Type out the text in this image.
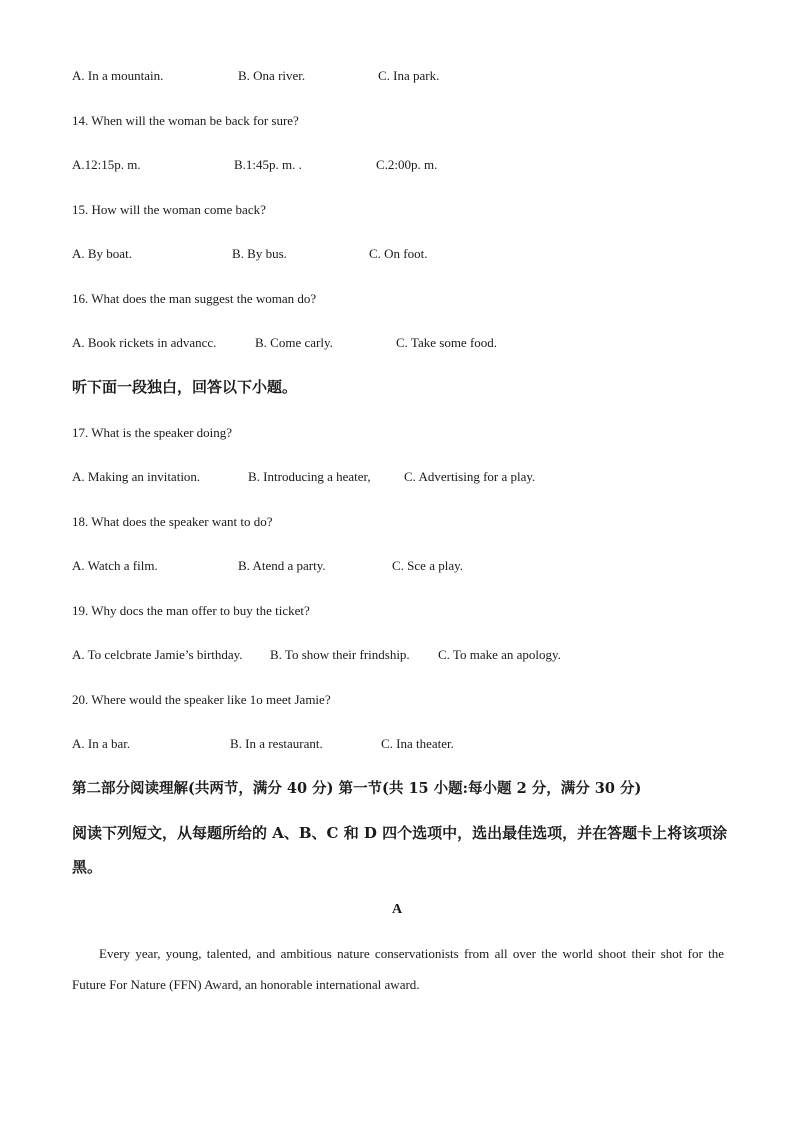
A. In a mountain.	B. Ona river.	C. Ina park.
14. When will the woman be back for sure?
A.12:15p. m.	B.1:45p. m. .	C.2:00p. m.
15. How will the woman come back?
A. By boat.	B. By bus.	C. On foot.
16. What does the man suggest the woman do?
A. Book rickets in advancc.	B. Come carly.	C. Take some food.
听下面一段独白，回答以下小题。
17. What is the speaker doing?
A. Making an invitation.	B. Introducing a heater,	C. Advertising for a play.
18. What does the speaker want to do?
A. Watch a film.	B. Atend a party.	C. Sce a play.
19. Why docs the man offer to buy the ticket?
A. To celcbrate Jamie’s birthday. B. To show their frindship. C. To make an apology.
20. Where would the speaker like 1o meet Jamie?
A. In a bar.	B. In a restaurant.	C. Ina theater.
第二部分阅读理解(共两节，满分 40 分) 第一节(共 15 小题:每小题 2 分，满分 30 分)
阅读下列短文，从每题所给的 A、B、C 和 D 四个选项中，选出最佳选项，并在答题卡上将该项涂黑。
A
Every year, young, talented, and ambitious nature conservationists from all over the world shoot their shot for the Future For Nature (FFN) Award, an honorable international award.
